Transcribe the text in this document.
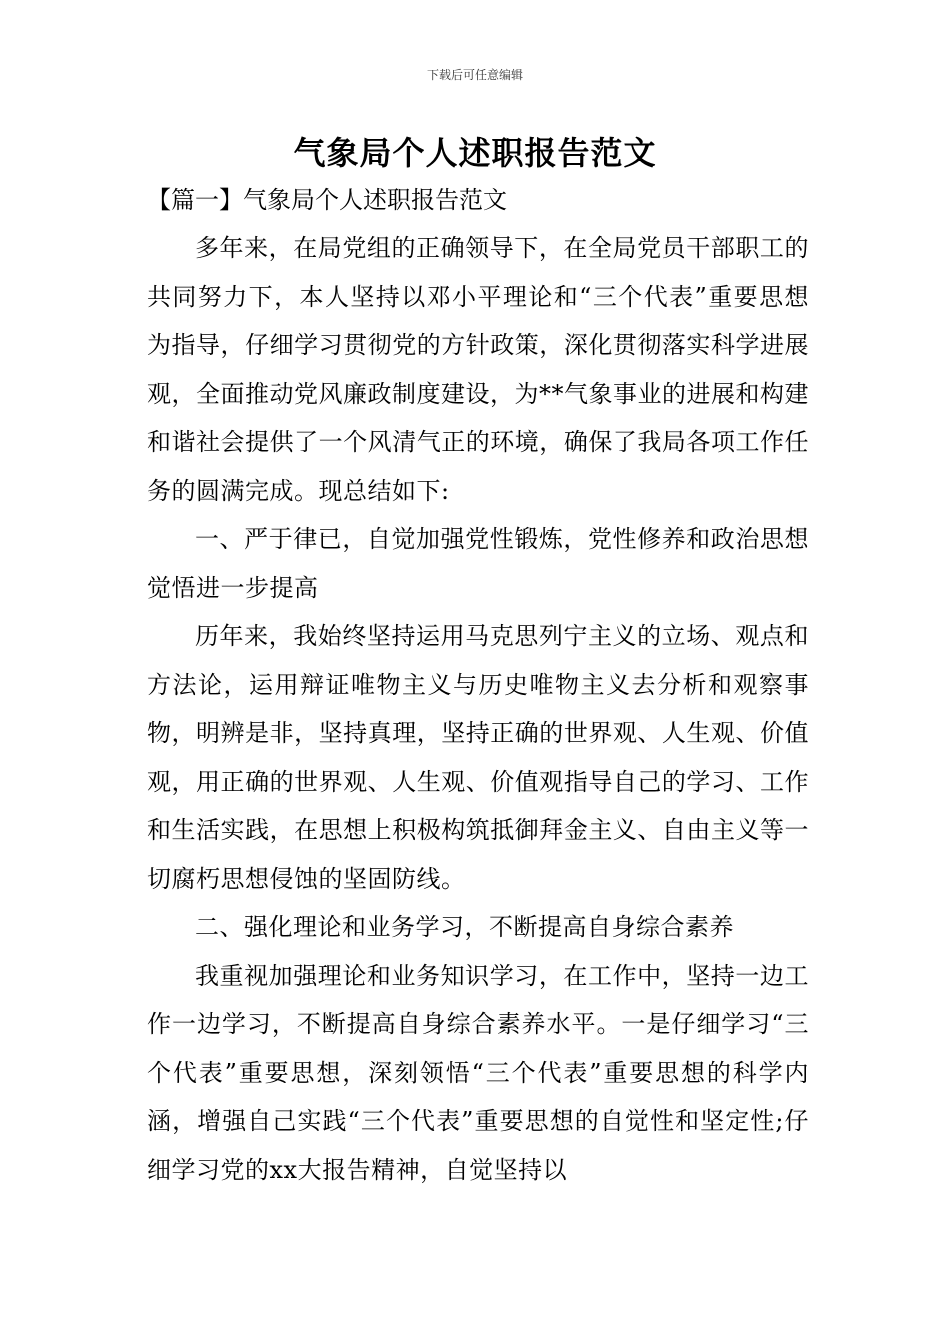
下载后可任意编辑
气象局个人述职报告范文

【篇一】气象局个人述职报告范文

多年来，在局党组的正确领导下，在全局党员干部职工的共同努力下，本人坚持以邓小平理论和“三个代表”重要思想为指导，仔细学习贯彻党的方针政策，深化贯彻落实科学进展观，全面推动党风廉政制度建设，为**气象事业的进展和构建和谐社会提供了一个风清气正的环境，确保了我局各项工作任务的圆满完成。现总结如下:

一、严于律已，自觉加强党性锻炼，党性修养和政治思想觉悟进一步提高

历年来，我始终坚持运用马克思列宁主义的立场、观点和方法论，运用辩证唯物主义与历史唯物主义去分析和观察事物，明辨是非，坚持真理，坚持正确的世界观、人生观、价值观，用正确的世界观、人生观、价值观指导自己的学习、工作和生活实践，在思想上积极构筑抵御拜金主义、自由主义等一切腐朽思想侵蚀的坚固防线。

二、强化理论和业务学习，不断提高自身综合素养

我重视加强理论和业务知识学习，在工作中，坚持一边工作一边学习，不断提高自身综合素养水平。一是仔细学习“三个代表”重要思想，深刻领悟“三个代表”重要思想的科学内涵，增强自己实践“三个代表”重要思想的自觉性和坚定性;仔细学习党的xx大报告精神，自觉坚持以
